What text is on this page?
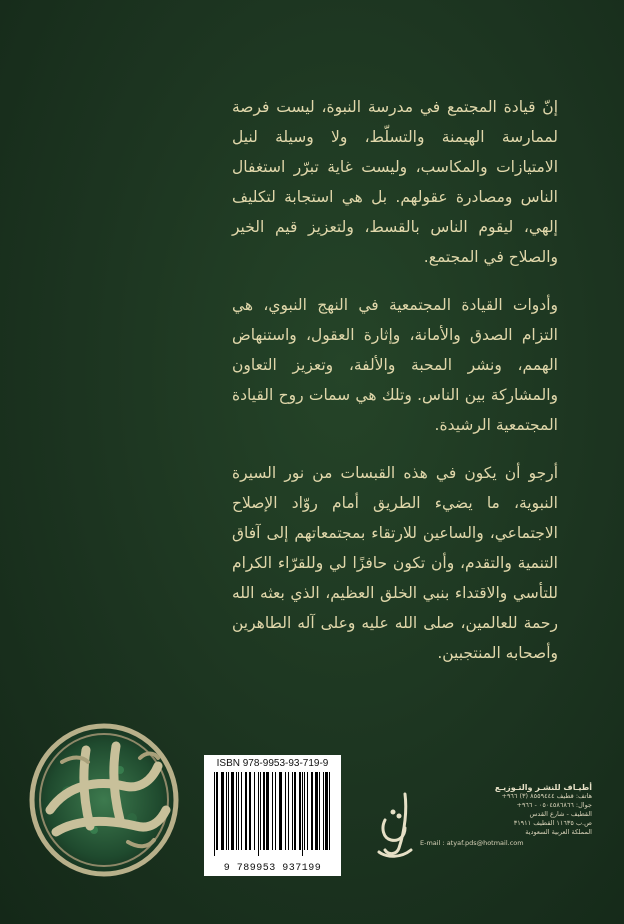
إنّ قيادة المجتمع في مدرسة النبوة، ليست فرصة لممارسة الهيمنة والتسلّط، ولا وسيلة لنيل الامتيازات والمكاسب، وليست غاية تبرّر استغفال الناس ومصادرة عقولهم. بل هي استجابة لتكليف إلهي، ليقوم الناس بالقسط، ولتعزيز قيم الخير والصلاح في المجتمع.

وأدوات القيادة المجتمعية في النهج النبوي، هي التزام الصدق والأمانة، وإثارة العقول، واستنهاض الهمم، ونشر المحبة والألفة، وتعزيز التعاون والمشاركة بين الناس. وتلك هي سمات روح القيادة المجتمعية الرشيدة.

أرجو أن يكون في هذه القبسات من نور السيرة النبوية، ما يضيء الطريق أمام روّاد الإصلاح الاجتماعي، والساعين للارتقاء بمجتمعاتهم إلى آفاق التنمية والتقدم، وأن تكون حافزًا لي وللقرّاء الكرام للتأسي والاقتداء بنبي الخلق العظيم، الذي بعثه الله رحمة للعالمين، صلى الله عليه وعلى آله الطاهرين وأصحابه المنتجبين.

ISBN 978-9953-93-719-9
9 789953 937199
أطيـاف للنشـر والتـوزيـع
هاتف: قطيف ٨٥٥٩٤٤٤ (٣) ٩٦٦+
جوال: ٠٥٠٤٥٨٦٨٦٦ - ٩٦٦+
القطيف - شارع القدس
ص.ب ١١٦٣٥ القطيف ٣١٩١١
المملكة العربية السعودية
E-mail : atyaf.pds@hotmail.com
